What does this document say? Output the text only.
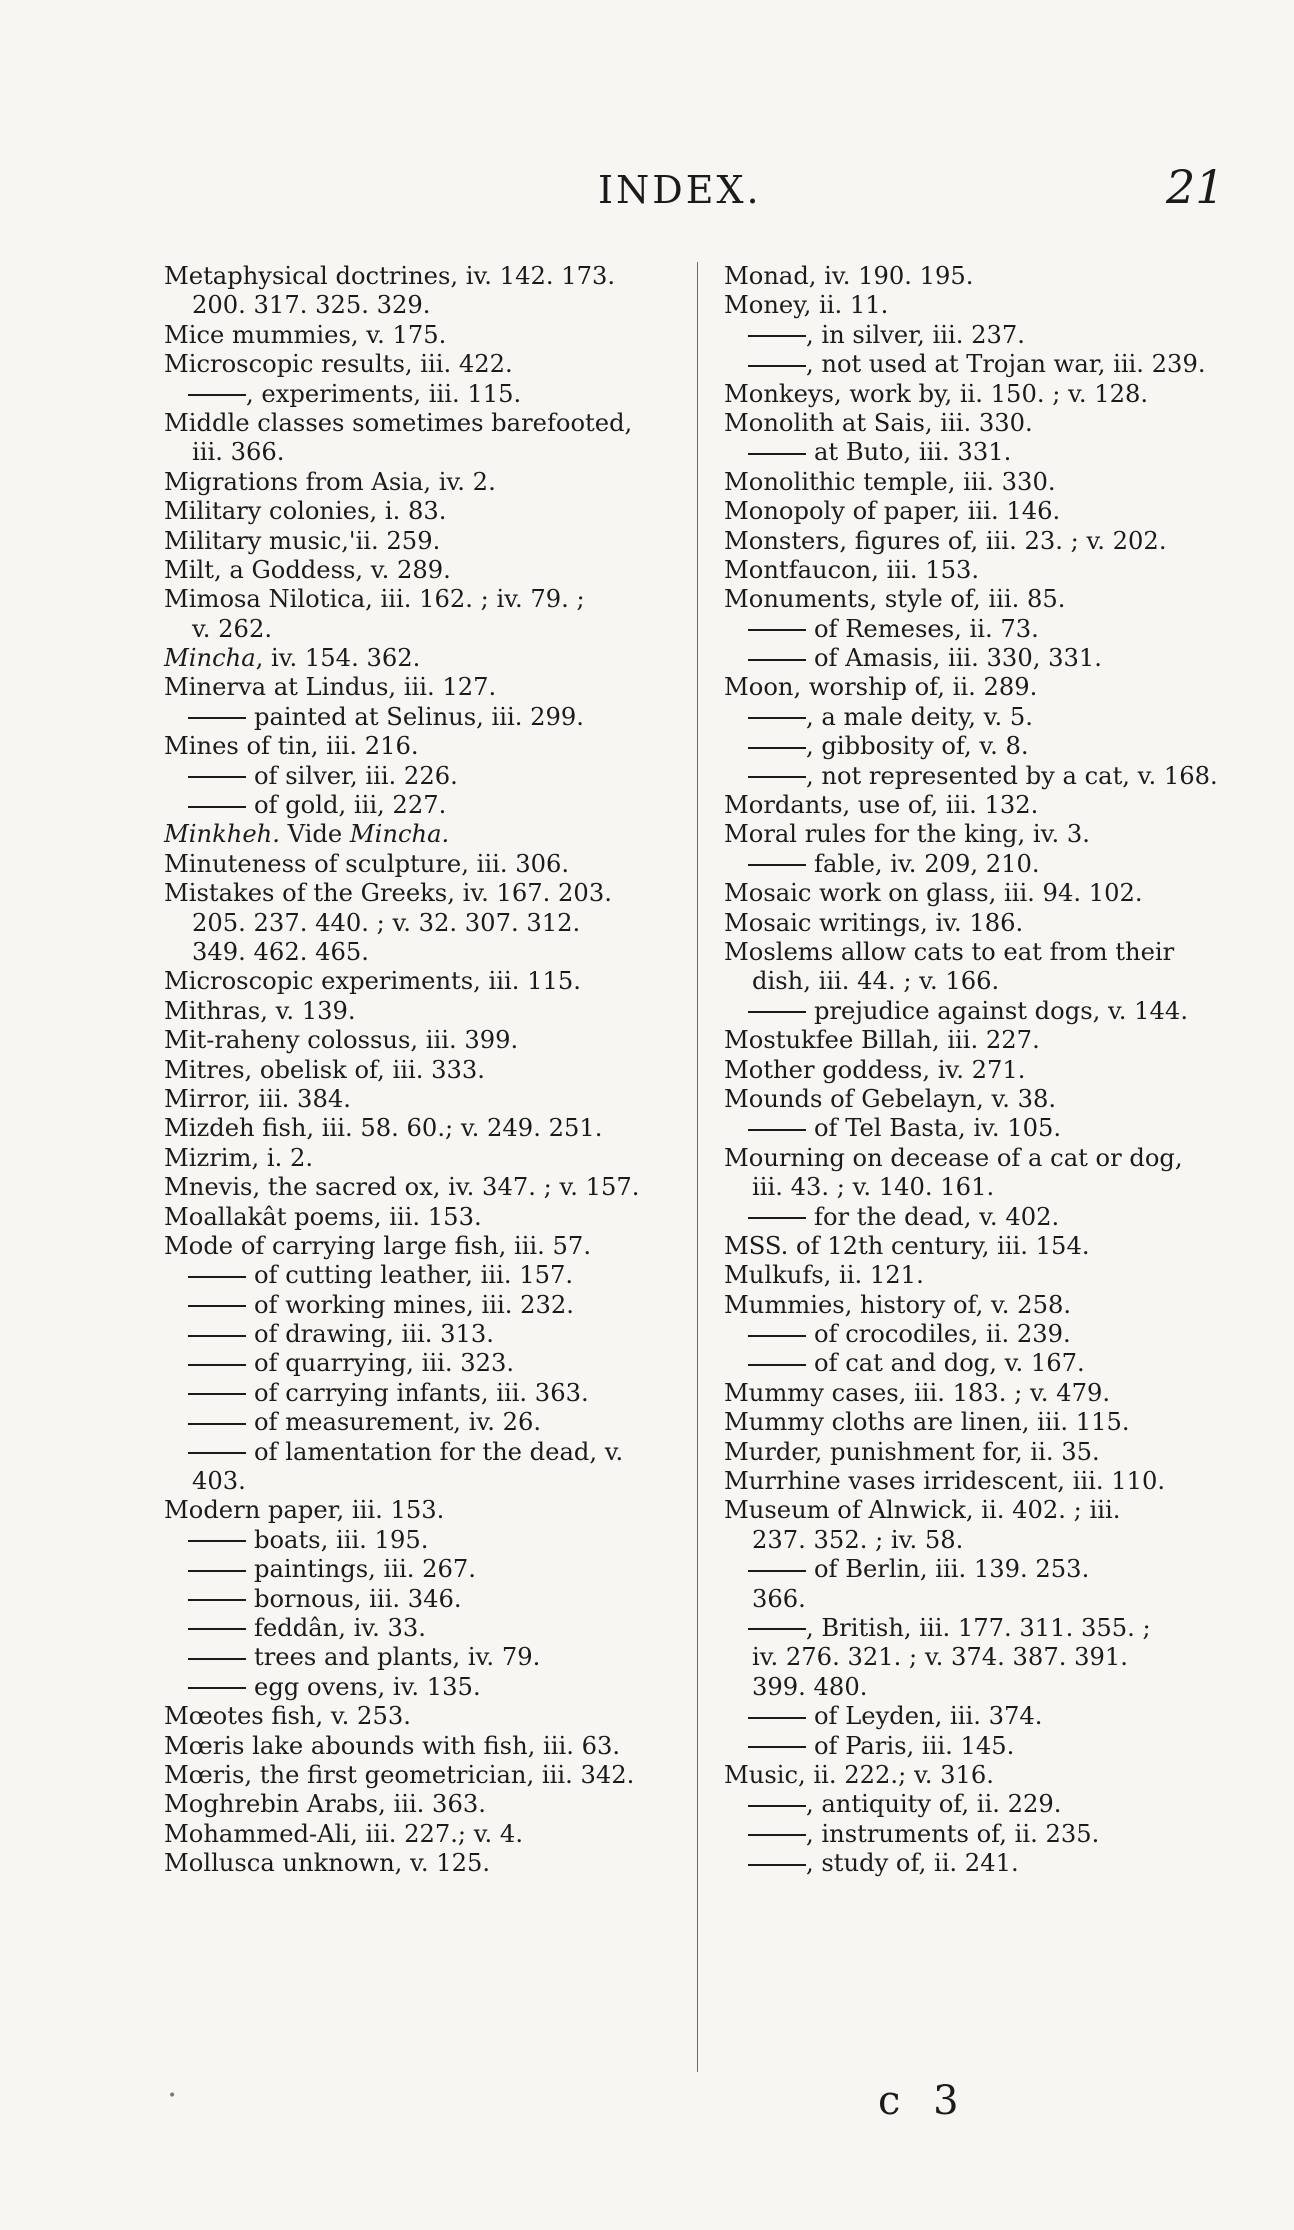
INDEX.	21
Metaphysical doctrines, iv. 142. 173.
200. 317. 325. 329.
Mice mummies, v. 175.
Microscopic results, iii. 422.
, experiments, iii. 115.
Middle classes sometimes barefooted,
iii. 366.
Migrations from Asia, iv. 2.
Military colonies, i. 83.
Military music,'ii. 259.
Milt, a Goddess, v. 289.
Mimosa Nilotica, iii. 162. ; iv. 79. ;
v. 262.
Mincha, iv. 154. 362.
Minerva at Lindus, iii. 127.
painted at Selinus, iii. 299.
Mines of tin, iii. 216.
of silver, iii. 226.
of gold, iii, 227.
Minkheh. Vide Mincha.
Minuteness of sculpture, iii. 306.
Mistakes of the Greeks, iv. 167. 203.
205. 237. 440. ; v. 32. 307. 312.
349. 462. 465.
Microscopic experiments, iii. 115.
Mithras, v. 139.
Mit-raheny colossus, iii. 399.
Mitres, obelisk of, iii. 333.
Mirror, iii. 384.
Mizdeh fish, iii. 58. 60.; v. 249. 251.
Mizrim, i. 2.
Mnevis, the sacred ox, iv. 347. ; v. 157.
Moallakât poems, iii. 153.
Mode of carrying large fish, iii. 57.
of cutting leather, iii. 157.
of working mines, iii. 232.
of drawing, iii. 313.
of quarrying, iii. 323.
of carrying infants, iii. 363.
of measurement, iv. 26.
of lamentation for the dead, v.
403.
Modern paper, iii. 153.
boats, iii. 195.
paintings, iii. 267.
bornous, iii. 346.
feddân, iv. 33.
trees and plants, iv. 79.
egg ovens, iv. 135.
Mœotes fish, v. 253.
Mœris lake abounds with fish, iii. 63.
Mœris, the first geometrician, iii. 342.
Moghrebin Arabs, iii. 363.
Mohammed-Ali, iii. 227.; v. 4.
Mollusca unknown, v. 125.
Monad, iv. 190. 195.
Money, ii. 11.
, in silver, iii. 237.
, not used at Trojan war, iii. 239.
Monkeys, work by, ii. 150. ; v. 128.
Monolith at Sais, iii. 330.
at Buto, iii. 331.
Monolithic temple, iii. 330.
Monopoly of paper, iii. 146.
Monsters, figures of, iii. 23. ; v. 202.
Montfaucon, iii. 153.
Monuments, style of, iii. 85.
of Remeses, ii. 73.
of Amasis, iii. 330, 331.
Moon, worship of, ii. 289.
, a male deity, v. 5.
, gibbosity of, v. 8.
, not represented by a cat, v. 168.
Mordants, use of, iii. 132.
Moral rules for the king, iv. 3.
fable, iv. 209, 210.
Mosaic work on glass, iii. 94. 102.
Mosaic writings, iv. 186.
Moslems allow cats to eat from their
dish, iii. 44. ; v. 166.
prejudice against dogs, v. 144.
Mostukfee Billah, iii. 227.
Mother goddess, iv. 271.
Mounds of Gebelayn, v. 38.
of Tel Basta, iv. 105.
Mourning on decease of a cat or dog,
iii. 43. ; v. 140. 161.
for the dead, v. 402.
MSS. of 12th century, iii. 154.
Mulkufs, ii. 121.
Mummies, history of, v. 258.
of crocodiles, ii. 239.
of cat and dog, v. 167.
Mummy cases, iii. 183. ; v. 479.
Mummy cloths are linen, iii. 115.
Murder, punishment for, ii. 35.
Murrhine vases irridescent, iii. 110.
Museum of Alnwick, ii. 402. ; iii.
237. 352. ; iv. 58.
of Berlin, iii. 139. 253.
366.
, British, iii. 177. 311. 355. ;
iv. 276. 321. ; v. 374. 387. 391.
399. 480.
of Leyden, iii. 374.
of Paris, iii. 145.
Music, ii. 222.; v. 316.
, antiquity of, ii. 229.
, instruments of, ii. 235.
, study of, ii. 241.
•	c 3
